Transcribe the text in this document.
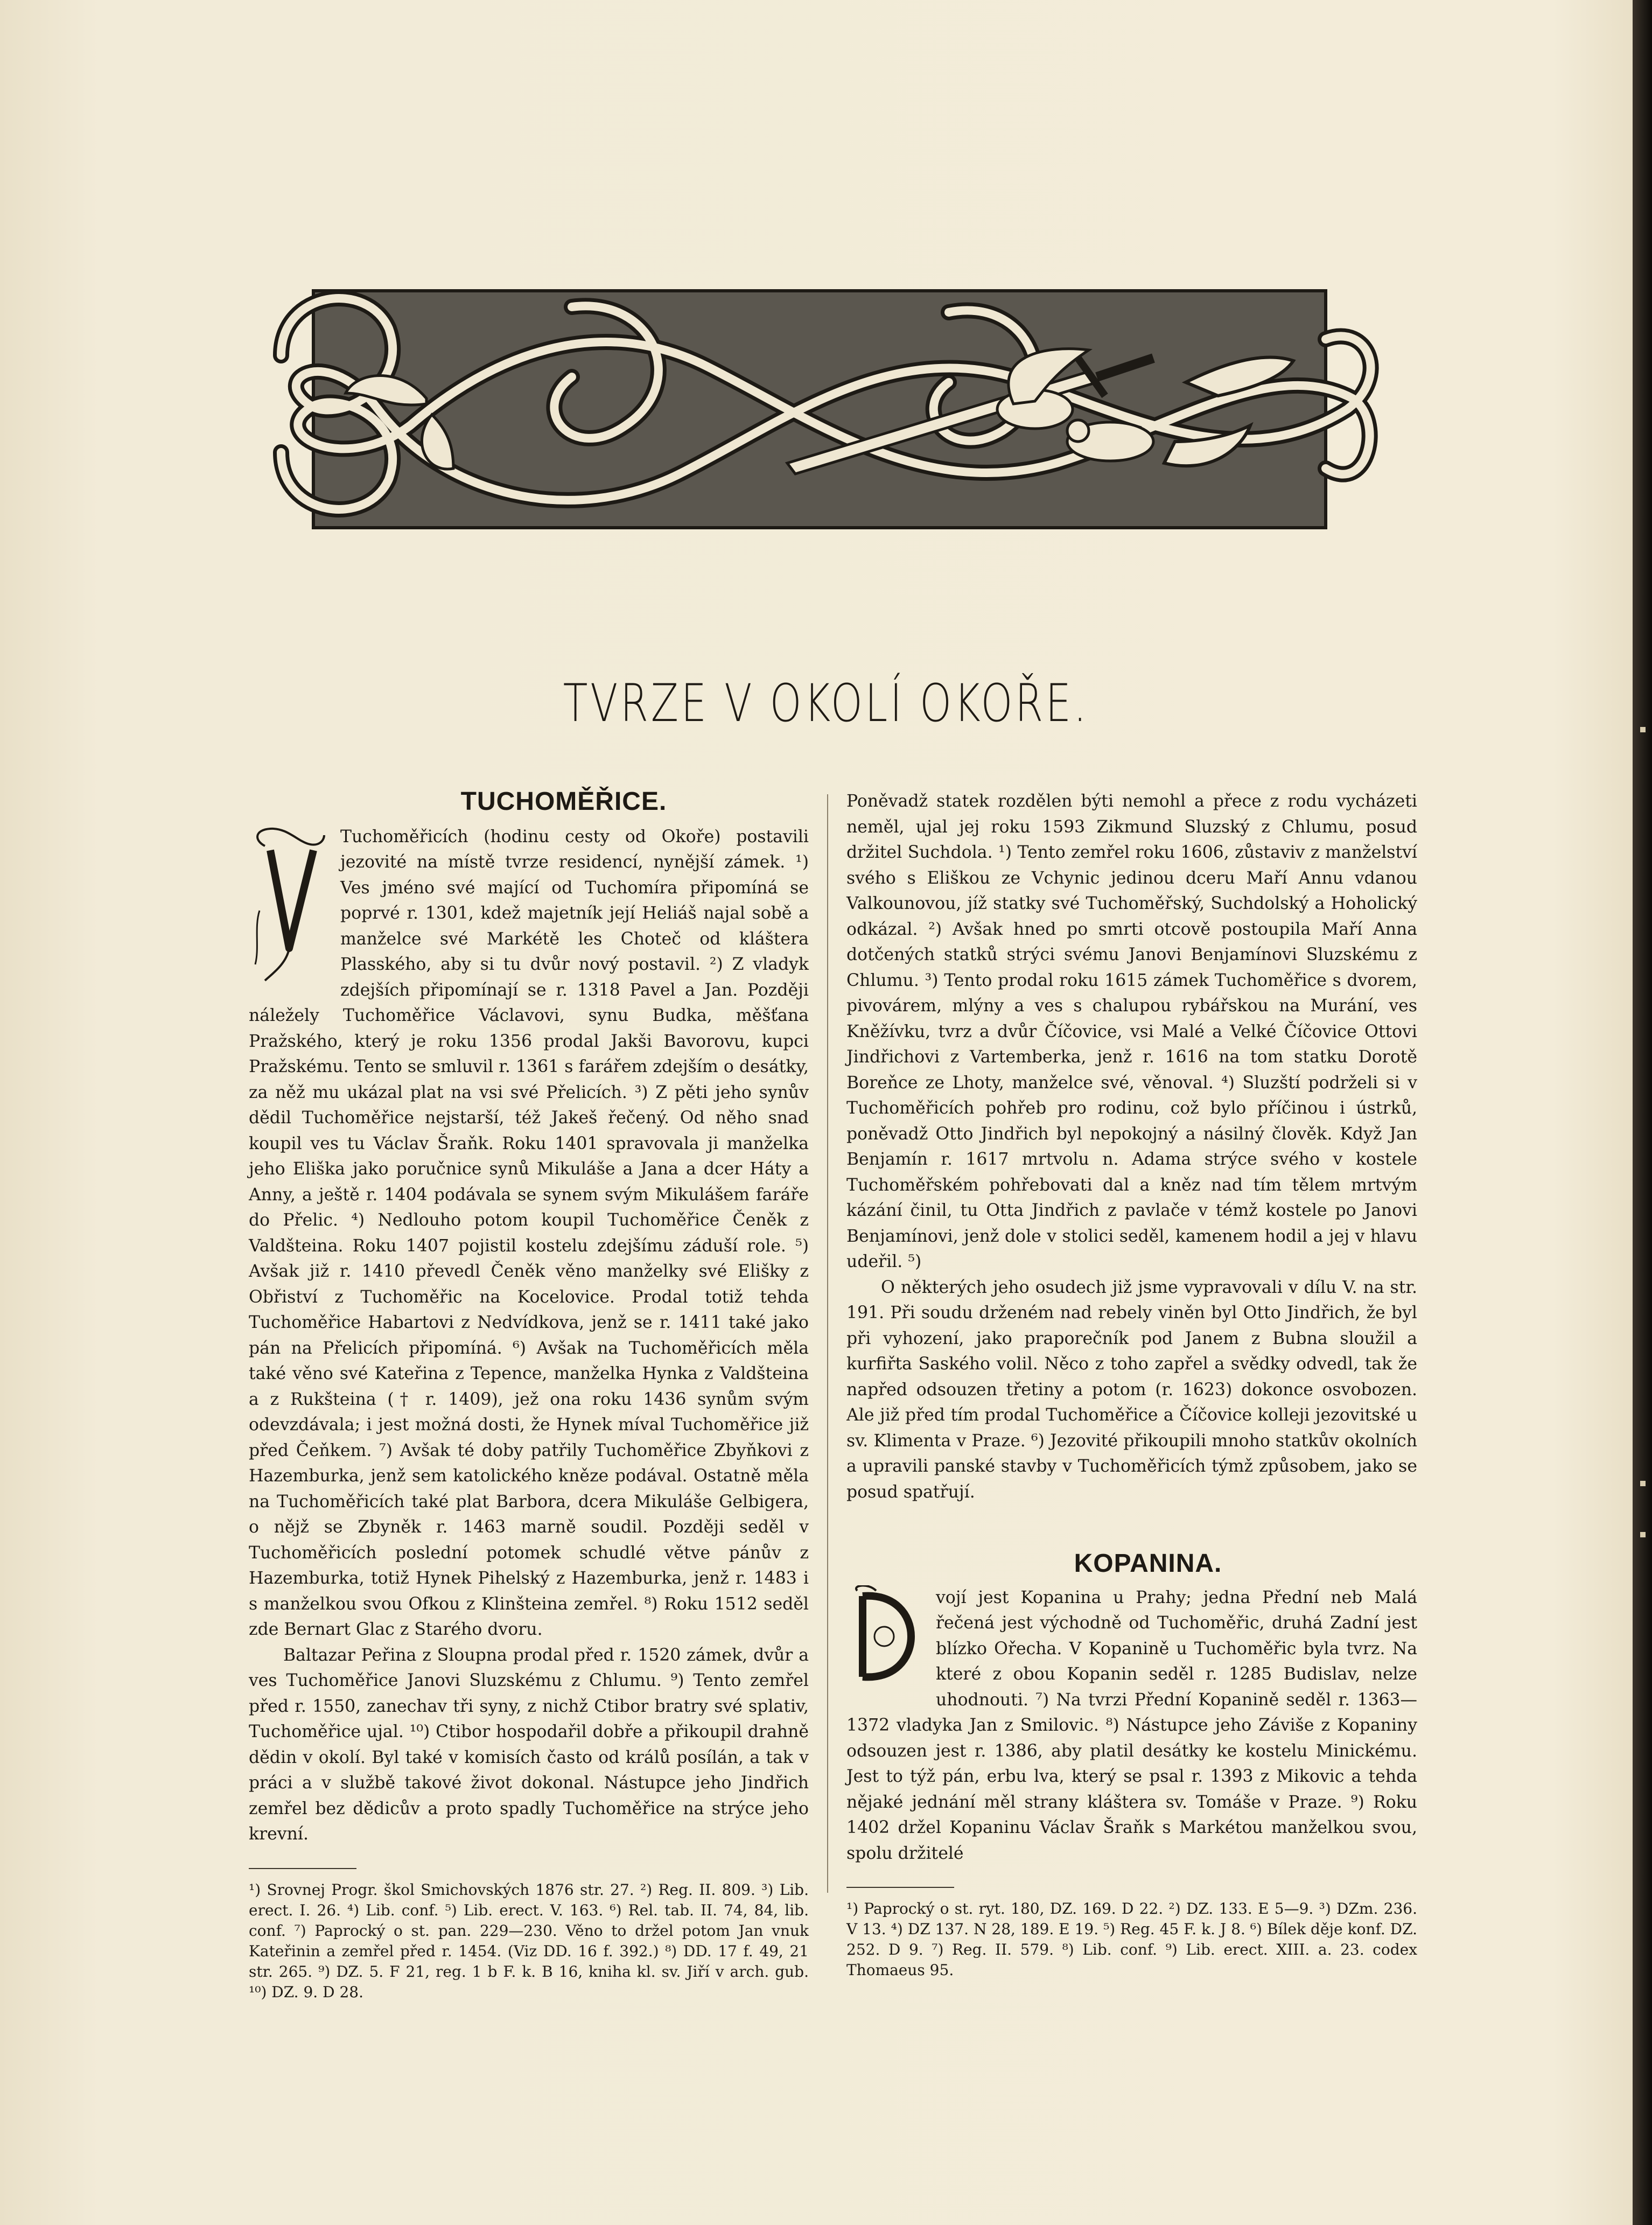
TVRZE V OKOLÍ OKOŘE.
TUCHOMĚŘICE.

Tuchoměřicích (hodinu cesty od Okoře) postavili jezovité na místě tvrze residencí, nynější zámek. ¹) Ves jméno své mající od Tuchomíra připomíná se poprvé r. 1301, kdež majetník její Heliáš najal sobě a manželce své Markétě les Choteč od kláštera Plasského, aby si tu dvůr nový postavil. ²) Z vladyk zdejších připomínají se r. 1318 Pavel a Jan. Později náležely Tuchoměřice Václavovi, synu Budka, měšťana Pražského, který je roku 1356 prodal Jakši Bavorovu, kupci Pražskému. Tento se smluvil r. 1361 s farářem zdejším o desátky, za něž mu ukázal plat na vsi své Přelicích. ³) Z pěti jeho synův dědil Tuchoměřice nejstarší, též Jakeš řečený. Od něho snad koupil ves tu Václav Šraňk. Roku 1401 spravovala ji manželka jeho Eliška jako poručnice synů Mikuláše a Jana a dcer Háty a Anny, a ještě r. 1404 podávala se synem svým Mikulášem faráře do Přelic. ⁴) Nedlouho potom koupil Tuchoměřice Čeněk z Valdšteina. Roku 1407 pojistil kostelu zdejšímu záduší role. ⁵) Avšak již r. 1410 převedl Čeněk věno manželky své Elišky z Obřiství z Tuchoměřic na Kocelovice. Prodal totiž tehda Tuchoměřice Habartovi z Nedvídkova, jenž se r. 1411 také jako pán na Přelicích připomíná. ⁶) Avšak na Tuchoměřicích měla také věno své Kateřina z Tepence, manželka Hynka z Valdšteina a z Rukšteina († r. 1409), jež ona roku 1436 synům svým odevzdávala; i jest možná dosti, že Hynek míval Tuchoměřice již před Čeňkem. ⁷) Avšak té doby patřily Tuchoměřice Zbyňkovi z Hazemburka, jenž sem katolického kněze podával. Ostatně měla na Tuchoměřicích také plat Barbora, dcera Mikuláše Gelbigera, o nějž se Zbyněk r. 1463 marně soudil. Později seděl v Tuchoměřicích poslední potomek schudlé větve pánův z Hazemburka, totiž Hynek Pihelský z Hazemburka, jenž r. 1483 i s manželkou svou Ofkou z Klinšteina zemřel. ⁸) Roku 1512 seděl zde Bernart Glac z Starého dvoru.

Baltazar Peřina z Sloupna prodal před r. 1520 zámek, dvůr a ves Tuchoměřice Janovi Sluzskému z Chlumu. ⁹) Tento zemřel před r. 1550, zanechav tři syny, z nichž Ctibor bratry své splativ, Tuchoměřice ujal. ¹⁰) Ctibor hospodařil dobře a přikoupil drahně dědin v okolí. Byl také v komisích často od králů posílán, a tak v práci a v službě takové život dokonal. Nástupce jeho Jindřich zemřel bez dědicův a proto spadly Tuchoměřice na strýce jeho krevní.

¹) Srovnej Progr. škol Smichovských 1876 str. 27. ²) Reg. II. 809. ³) Lib. erect. I. 26. ⁴) Lib. conf. ⁵) Lib. erect. V. 163. ⁶) Rel. tab. II. 74, 84, lib. conf. ⁷) Paprocký o st. pan. 229—230. Věno to držel potom Jan vnuk Kateřinin a zemřel před r. 1454. (Viz DD. 16 f. 392.) ⁸) DD. 17 f. 49, 21 str. 265. ⁹) DZ. 5. F 21, reg. 1 b F. k. B 16, kniha kl. sv. Jiří v arch. gub. ¹⁰) DZ. 9. D 28.

Poněvadž statek rozdělen býti nemohl a přece z rodu vycházeti neměl, ujal jej roku 1593 Zikmund Sluzský z Chlumu, posud držitel Suchdola. ¹) Tento zemřel roku 1606, zůstaviv z manželství svého s Eliškou ze Vchynic jedinou dceru Maří Annu vdanou Valkounovou, jíž statky své Tuchoměřský, Suchdolský a Hoholický odkázal. ²) Avšak hned po smrti otcově postoupila Maří Anna dotčených statků strýci svému Janovi Benjamínovi Sluzskému z Chlumu. ³) Tento prodal roku 1615 zámek Tuchoměřice s dvorem, pivovárem, mlýny a ves s chalupou rybářskou na Murání, ves Kněžívku, tvrz a dvůr Číčovice, vsi Malé a Velké Číčovice Ottovi Jindřichovi z Vartemberka, jenž r. 1616 na tom statku Dorotě Boreňce ze Lhoty, manželce své, věnoval. ⁴) Sluzští podrželi si v Tuchoměřicích pohřeb pro rodinu, což bylo příčinou i ústrků, poněvadž Otto Jindřich byl nepokojný a násilný člověk. Když Jan Benjamín r. 1617 mrtvolu n. Adama strýce svého v kostele Tuchoměřském pohřebovati dal a kněz nad tím tělem mrtvým kázání činil, tu Otta Jindřich z pavlače v témž kostele po Janovi Benjamínovi, jenž dole v stolici seděl, kamenem hodil a jej v hlavu udeřil. ⁵)

O některých jeho osudech již jsme vypravovali v dílu V. na str. 191. Při soudu drženém nad rebely viněn byl Otto Jindřich, že byl při vyhození, jako praporečník pod Janem z Bubna sloužil a kurfiřta Saského volil. Něco z toho zapřel a svědky odvedl, tak že napřed odsouzen třetiny a potom (r. 1623) dokonce osvobozen. Ale již před tím prodal Tuchoměřice a Číčovice kolleji jezovitské u sv. Klimenta v Praze. ⁶) Jezovité přikoupili mnoho statkův okolních a upravili panské stavby v Tuchoměřicích týmž způsobem, jako se posud spatřují.

KOPANINA.

vojí jest Kopanina u Prahy; jedna Přední neb Malá řečená jest východně od Tuchoměřic, druhá Zadní jest blízko Ořecha. V Kopanině u Tuchoměřic byla tvrz. Na které z obou Kopanin seděl r. 1285 Budislav, nelze uhodnouti. ⁷) Na tvrzi Přední Kopanině seděl r. 1363—1372 vladyka Jan z Smilovic. ⁸) Nástupce jeho Záviše z Kopaniny odsouzen jest r. 1386, aby platil desátky ke kostelu Minickému. Jest to týž pán, erbu lva, který se psal r. 1393 z Mikovic a tehda nějaké jednání měl strany kláštera sv. Tomáše v Praze. ⁹) Roku 1402 držel Kopaninu Václav Šraňk s Markétou manželkou svou, spolu držitelé

¹) Paprocký o st. ryt. 180, DZ. 169. D 22. ²) DZ. 133. E 5—9. ³) DZm. 236. V 13. ⁴) DZ 137. N 28, 189. E 19. ⁵) Reg. 45 F. k. J 8. ⁶) Bílek děje konf. DZ. 252. D 9. ⁷) Reg. II. 579. ⁸) Lib. conf. ⁹) Lib. erect. XIII. a. 23. codex Thomaeus 95.
